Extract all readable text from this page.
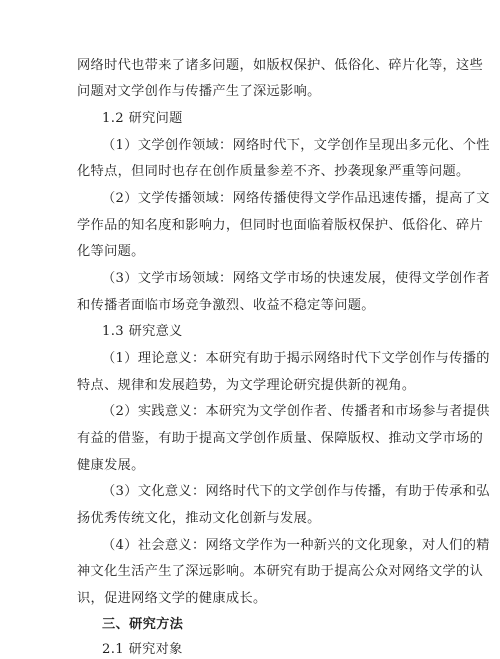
网络时代也带来了诸多问题，如版权保护、低俗化、碎片化等，这些
问题对文学创作与传播产生了深远影响。
1.2 研究问题
（1）文学创作领域：网络时代下，文学创作呈现出多元化、个性
化特点，但同时也存在创作质量参差不齐、抄袭现象严重等问题。
（2）文学传播领域：网络传播使得文学作品迅速传播，提高了文
学作品的知名度和影响力，但同时也面临着版权保护、低俗化、碎片
化等问题。
（3）文学市场领域：网络文学市场的快速发展，使得文学创作者
和传播者面临市场竞争激烈、收益不稳定等问题。
1.3 研究意义
（1）理论意义：本研究有助于揭示网络时代下文学创作与传播的
特点、规律和发展趋势，为文学理论研究提供新的视角。
（2）实践意义：本研究为文学创作者、传播者和市场参与者提供
有益的借鉴，有助于提高文学创作质量、保障版权、推动文学市场的
健康发展。
（3）文化意义：网络时代下的文学创作与传播，有助于传承和弘
扬优秀传统文化，推动文化创新与发展。
（4）社会意义：网络文学作为一种新兴的文化现象，对人们的精
神文化生活产生了深远影响。本研究有助于提高公众对网络文学的认
识，促进网络文学的健康成长。
三、研究方法
2.1 研究对象
